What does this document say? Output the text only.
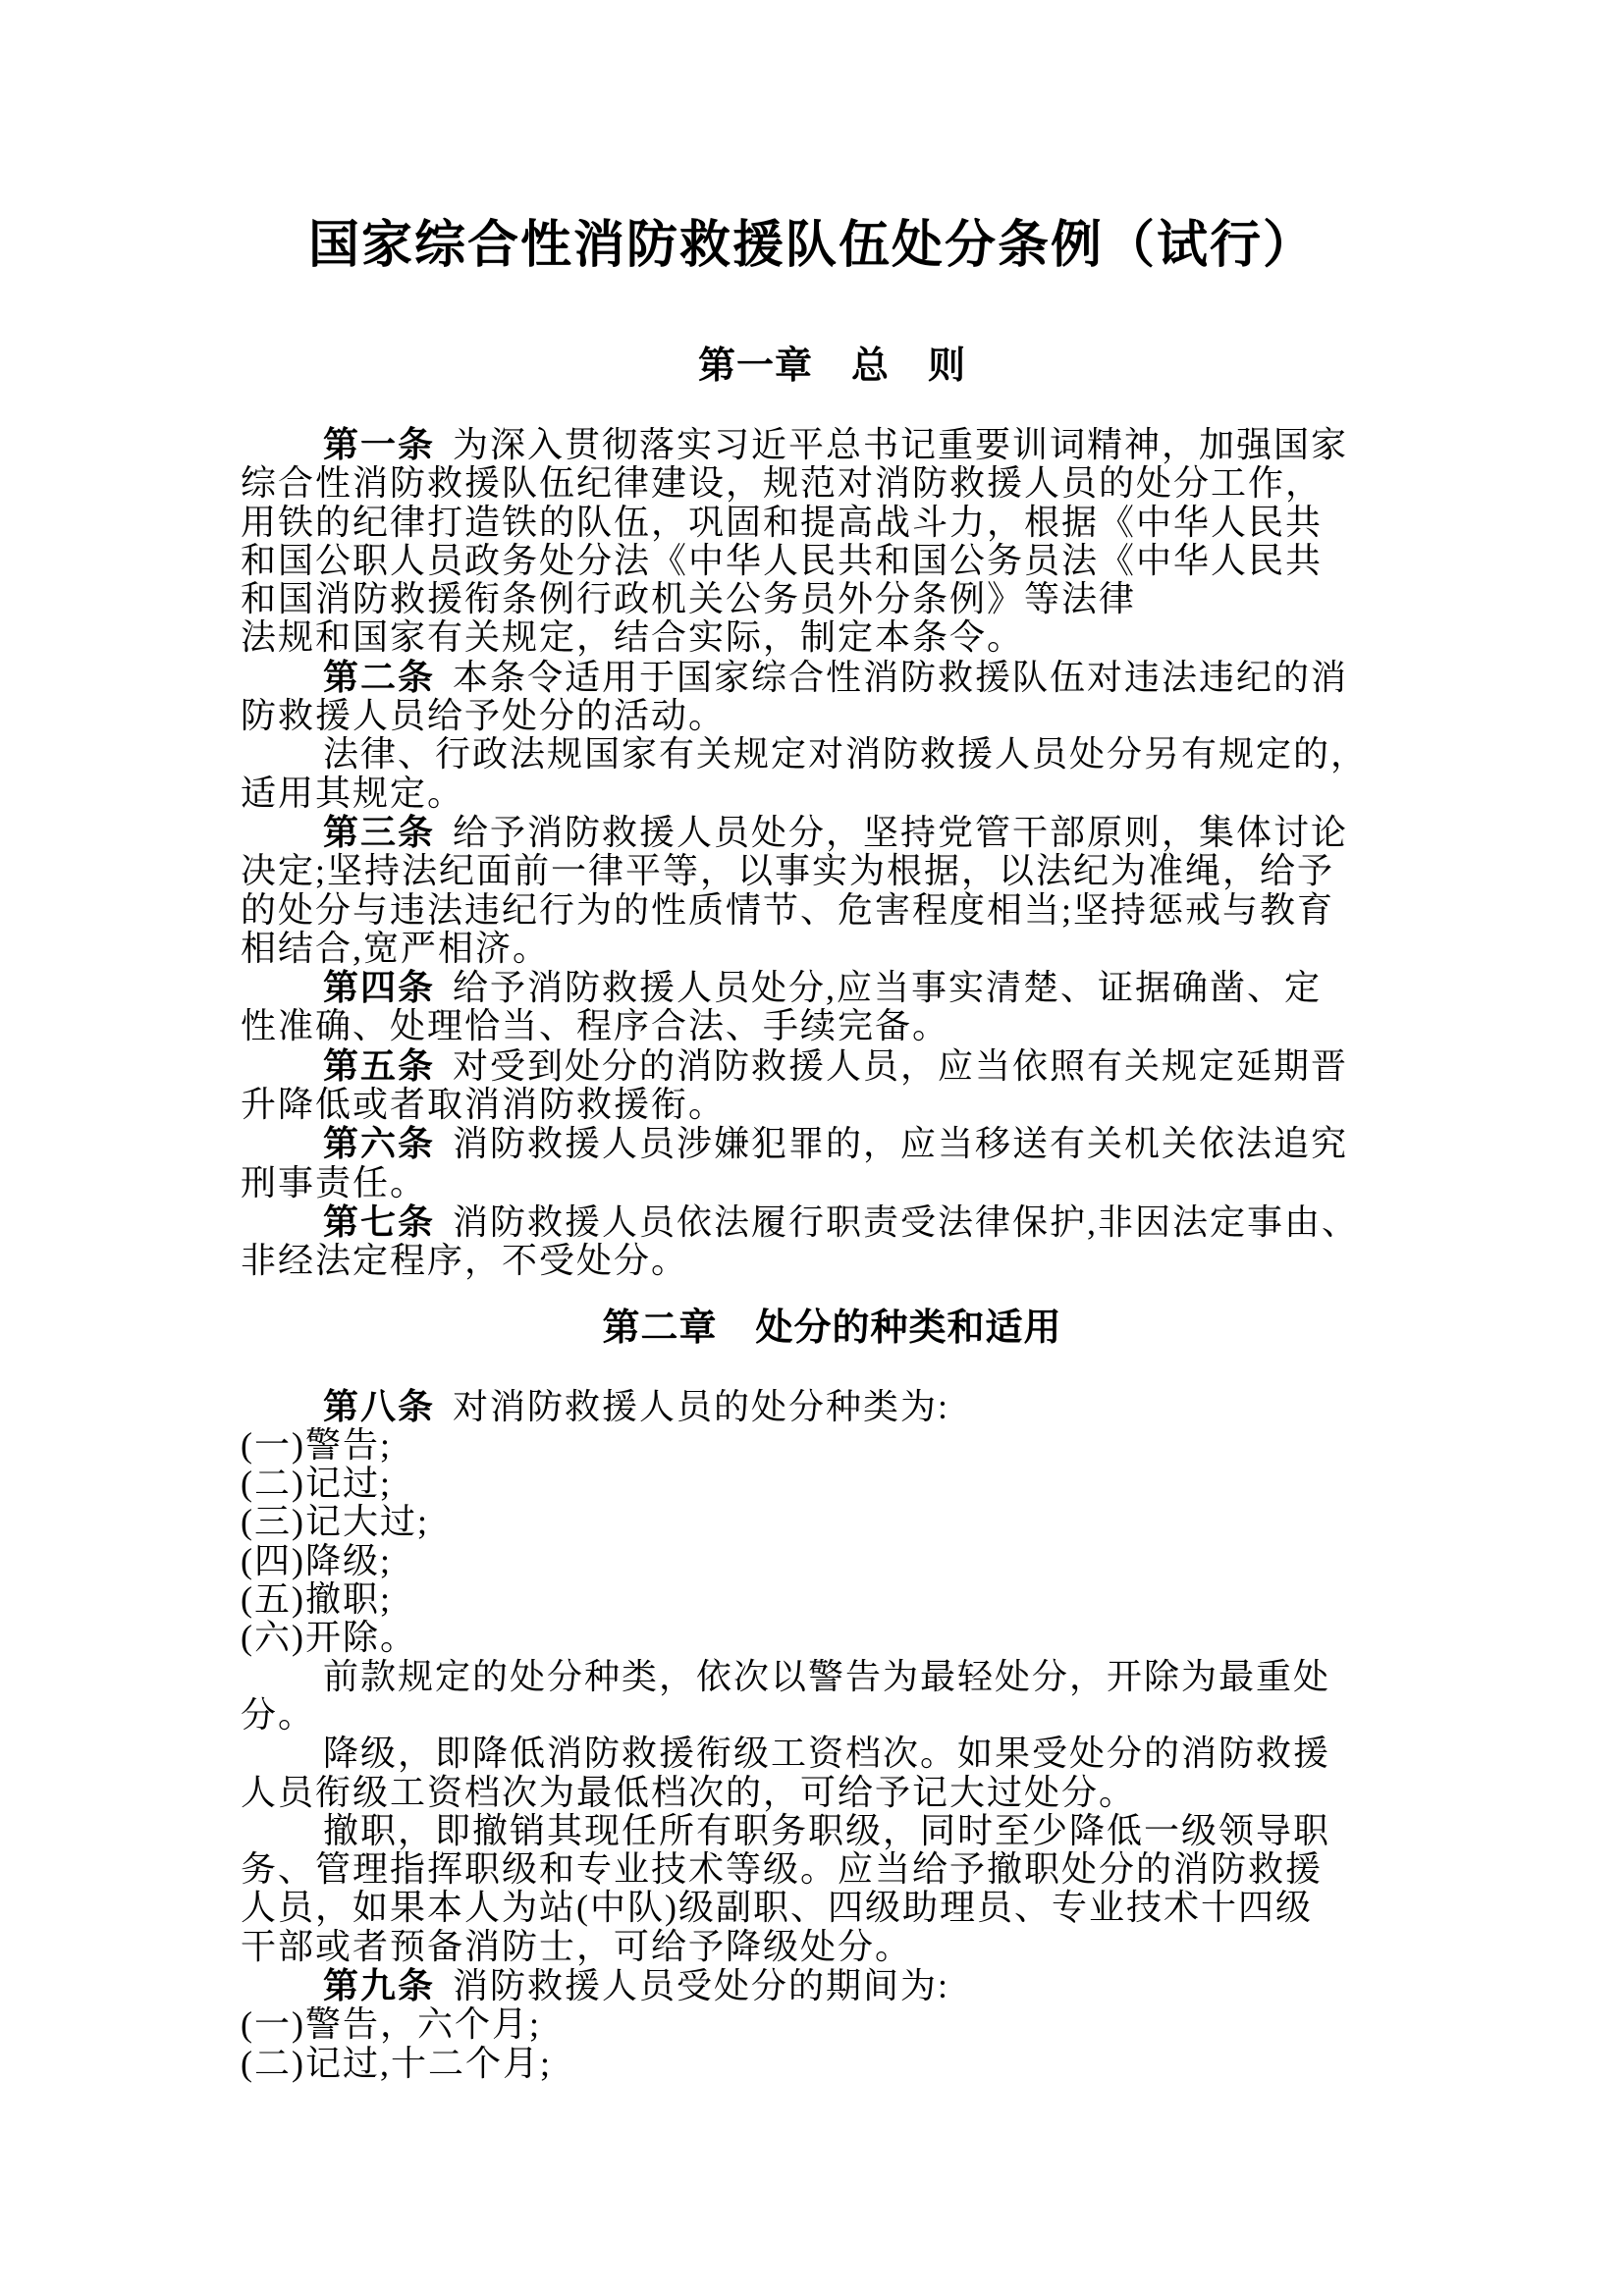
国家综合性消防救援队伍处分条例（试行）
第一章　总　则
第一条 为深入贯彻落实习近平总书记重要训词精神，加强国家
综合性消防救援队伍纪律建设，规范对消防救援人员的处分工作，
用铁的纪律打造铁的队伍，巩固和提高战斗力，根据《中华人民共
和国公职人员政务处分法《中华人民共和国公务员法《中华人民共
和国消防救援衔条例行政机关公务员外分条例》等法律
法规和国家有关规定，结合实际，制定本条令。
第二条 本条令适用于国家综合性消防救援队伍对违法违纪的消
防救援人员给予处分的活动。
法律、行政法规国家有关规定对消防救援人员处分另有规定的，
适用其规定。
第三条 给予消防救援人员处分，坚持党管干部原则，集体讨论
决定;坚持法纪面前一律平等，以事实为根据，以法纪为准绳，给予
的处分与违法违纪行为的性质情节、危害程度相当;坚持惩戒与教育
相结合,宽严相济。
第四条 给予消防救援人员处分,应当事实清楚、证据确凿、定
性准确、处理恰当、程序合法、手续完备。
第五条 对受到处分的消防救援人员，应当依照有关规定延期晋
升降低或者取消消防救援衔。
第六条 消防救援人员涉嫌犯罪的，应当移送有关机关依法追究
刑事责任。
第七条 消防救援人员依法履行职责受法律保护,非因法定事由、
非经法定程序，不受处分。
第二章　处分的种类和适用
第八条 对消防救援人员的处分种类为:
(一)警告;
(二)记过;
(三)记大过;
(四)降级;
(五)撤职;
(六)开除。
前款规定的处分种类，依次以警告为最轻处分，开除为最重处
分。
降级，即降低消防救援衔级工资档次。如果受处分的消防救援
人员衔级工资档次为最低档次的，可给予记大过处分。
撤职，即撤销其现任所有职务职级，同时至少降低一级领导职
务、管理指挥职级和专业技术等级。应当给予撤职处分的消防救援
人员，如果本人为站(中队)级副职、四级助理员、专业技术十四级
干部或者预备消防士，可给予降级处分。
第九条 消防救援人员受处分的期间为:
(一)警告，六个月;
(二)记过,十二个月;
